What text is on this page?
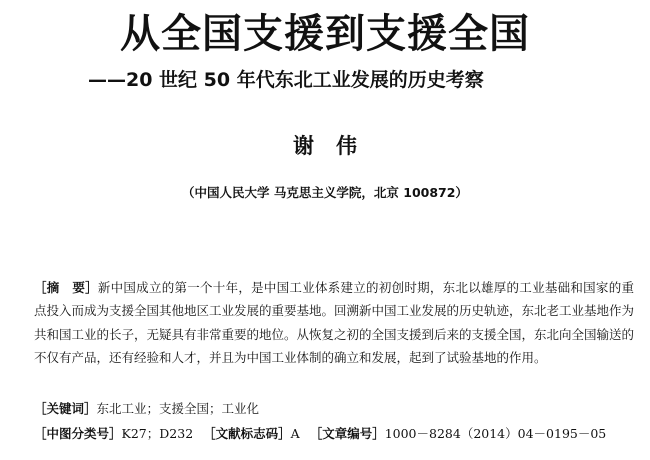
从全国支援到支援全国
——20 世纪 50 年代东北工业发展的历史考察
谢伟
（中国人民大学 马克思主义学院，北京 100872）
［摘　要］新中国成立的第一个十年，是中国工业体系建立的初创时期，东北以雄厚的工业基础和国家的重点投入而成为支援全国其他地区工业发展的重要基地。回溯新中国工业发展的历史轨迹，东北老工业基地作为共和国工业的长子，无疑具有非常重要的地位。从恢复之初的全国支援到后来的支援全国，东北向全国输送的不仅有产品，还有经验和人才，并且为中国工业体制的确立和发展，起到了试验基地的作用。
［关键词］东北工业；支援全国；工业化
［中图分类号］K27；D232 ［文献标志码］A ［文章编号］1000－8284（2014）04－0195－05
